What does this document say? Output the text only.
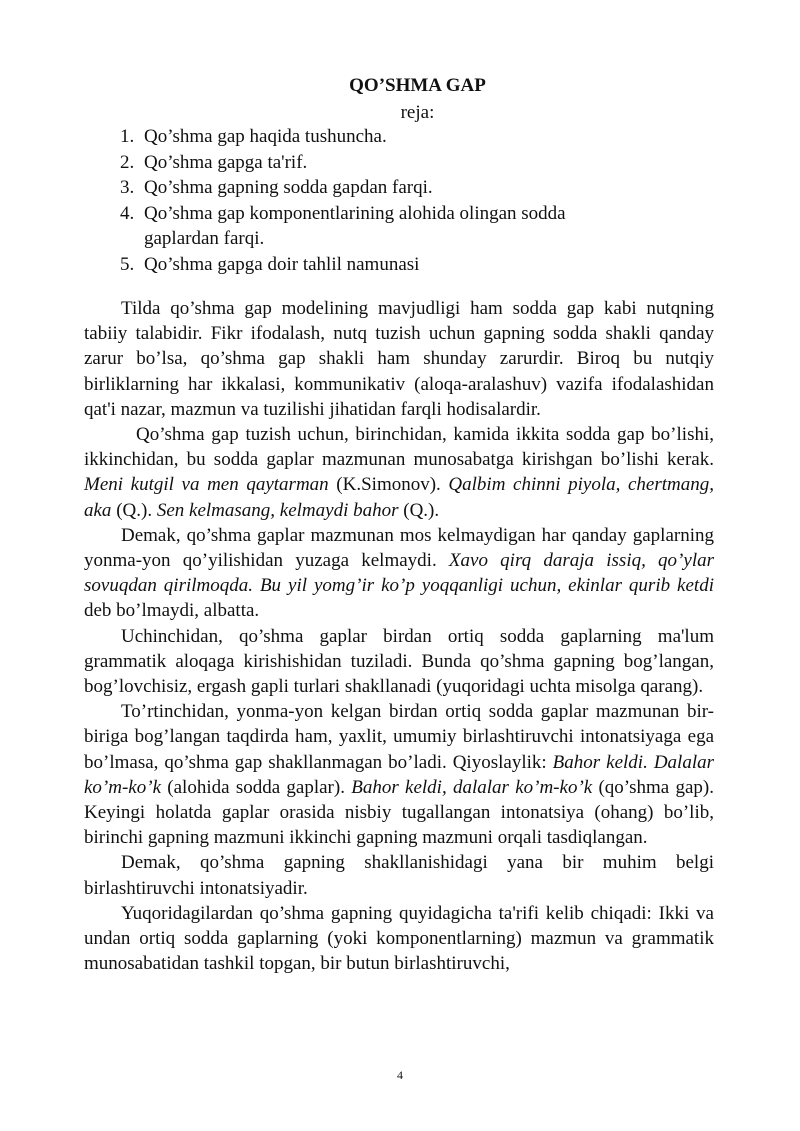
QO’SHMA GAP
reja:
1. Qo’shma gap haqida tushuncha.
2. Qo’shma gapga ta'rif.
3. Qo’shma gapning sodda gapdan farqi.
4. Qo’shma gap komponentlarining alohida olingan sodda
gaplardan farqi.
5. Qo’shma gapga doir tahlil namunasi

Tilda qo’shma gap modelining mavjudligi ham sodda gap kabi nutqning tabiiy talabidir. Fikr ifodalash, nutq tuzish uchun gapning sodda shakli qanday zarur bo’lsa, qo’shma gap shakli ham shunday zarurdir. Biroq bu nutqiy birliklarning har ikkalasi, kommunikativ (aloqa-aralashuv) vazifa ifodalashidan qat'i nazar, mazmun va tuzilishi jihatidan farqli hodisalardir.

Qo’shma gap tuzish uchun, birinchidan, kamida ikkita sodda gap bo’lishi, ikkinchidan, bu sodda gaplar mazmunan munosabatga kirishgan bo’lishi kerak. Meni kutgil va men qaytarman (K.Simonov). Qalbim chinni piyola, chertmang, aka (Q.). Sen kelmasang, kelmaydi bahor (Q.).

Demak, qo’shma gaplar mazmunan mos kelmaydigan har qanday gaplarning yonma-yon qo’yilishidan yuzaga kelmaydi. Xavo qirq daraja issiq, qo’ylar sovuqdan qirilmoqda. Bu yil yomg’ir ko’p yoqqanligi uchun, ekinlar qurib ketdi deb bo’lmaydi, albatta.

Uchinchidan, qo’shma gaplar birdan ortiq sodda gaplarning ma'lum grammatik aloqaga kirishishidan tuziladi. Bunda qo’shma gapning bog’langan, bog’lovchisiz, ergash gapli turlari shakllanadi (yuqoridagi uchta misolga qarang).

To’rtinchidan, yonma-yon kelgan birdan ortiq sodda gaplar mazmunan bir-biriga bog’langan taqdirda ham, yaxlit, umumiy birlashtiruvchi intonatsiyaga ega bo’lmasa, qo’shma gap shakllanmagan bo’ladi. Qiyoslaylik: Bahor keldi. Dalalar ko’m-ko’k (alohida sodda gaplar). Bahor keldi, dalalar ko’m-ko’k (qo’shma gap). Keyingi holatda gaplar orasida nisbiy tugallangan intonatsiya (ohang) bo’lib, birinchi gapning mazmuni ikkinchi gapning mazmuni orqali tasdiqlangan.

Demak, qo’shma gapning shakllanishidagi yana bir muhim belgi birlashtiruvchi intonatsiyadir.

Yuqoridagilardan qo’shma gapning quyidagicha ta'rifi kelib chiqadi: Ikki va undan ortiq sodda gaplarning (yoki komponentlarning) mazmun va grammatik munosabatidan tashkil topgan, bir butun birlashtiruvchi,

4
